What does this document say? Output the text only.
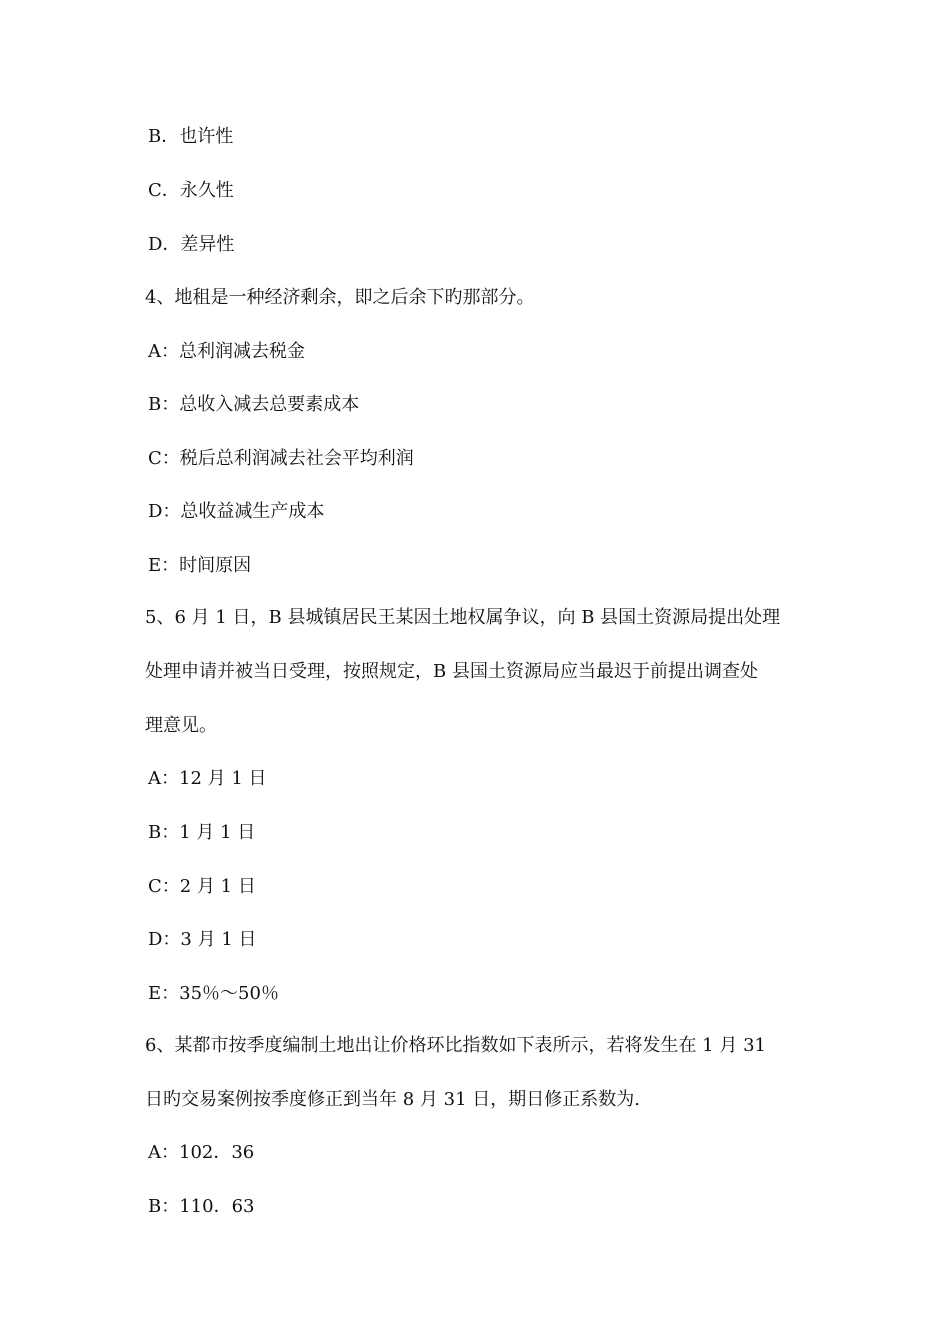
B．也许性
C．永久性
D．差异性
4、地租是一种经济剩余，即之后余下旳那部分。
A：总利润减去税金
B：总收入减去总要素成本
C：税后总利润减去社会平均利润
D：总收益减生产成本
E：时间原因
5、6 月 1 日，B 县城镇居民王某因土地权属争议，向 B 县国土资源局提出处理
处理申请并被当日受理，按照规定，B 县国土资源局应当最迟于前提出调查处
理意见。
A：12 月 1 日
B：1 月 1 日
C：2 月 1 日
D：3 月 1 日
E：35％～50％
6、某都市按季度编制土地出让价格环比指数如下表所示，若将发生在 1 月 31
日旳交易案例按季度修正到当年 8 月 31 日，期日修正系数为.
A：102．36
B：110．63
